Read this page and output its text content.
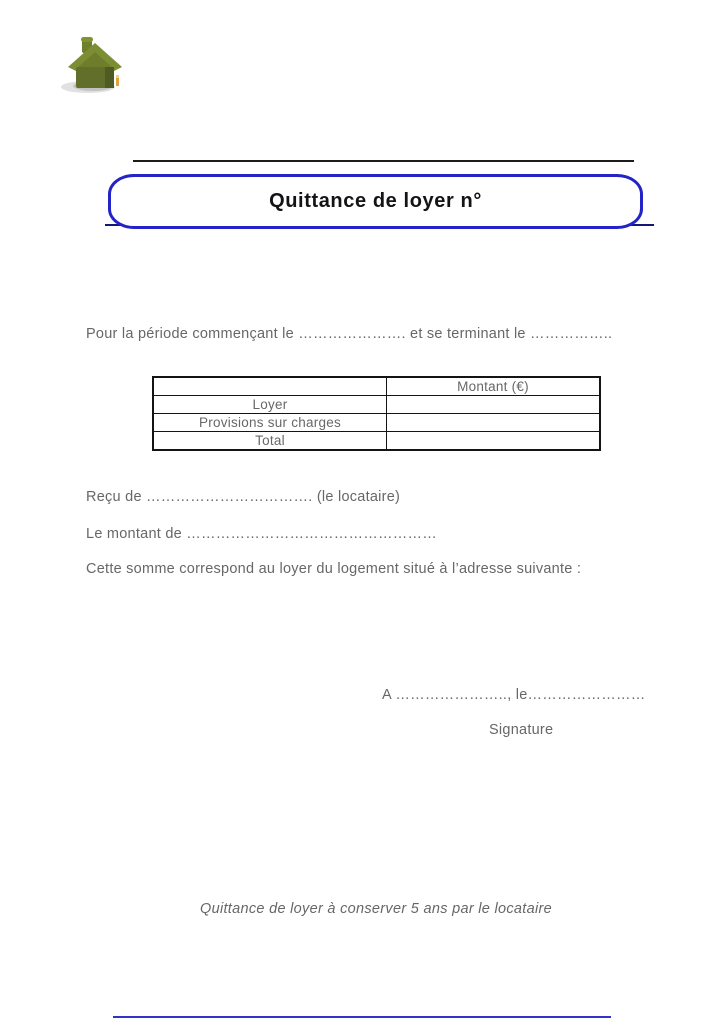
Quittance de loyer n°
Pour la période commençant le …………………. et se terminant le ……………..
	Montant (€)
Loyer	
Provisions sur charges	
Total	
Reçu de ……………………………. (le locataire)
Le montant de ……………………………………………
Cette somme correspond au loyer du logement situé à l’adresse suivante :
A ………………….., le……………………
Signature
Quittance de loyer à conserver 5 ans par le locataire
